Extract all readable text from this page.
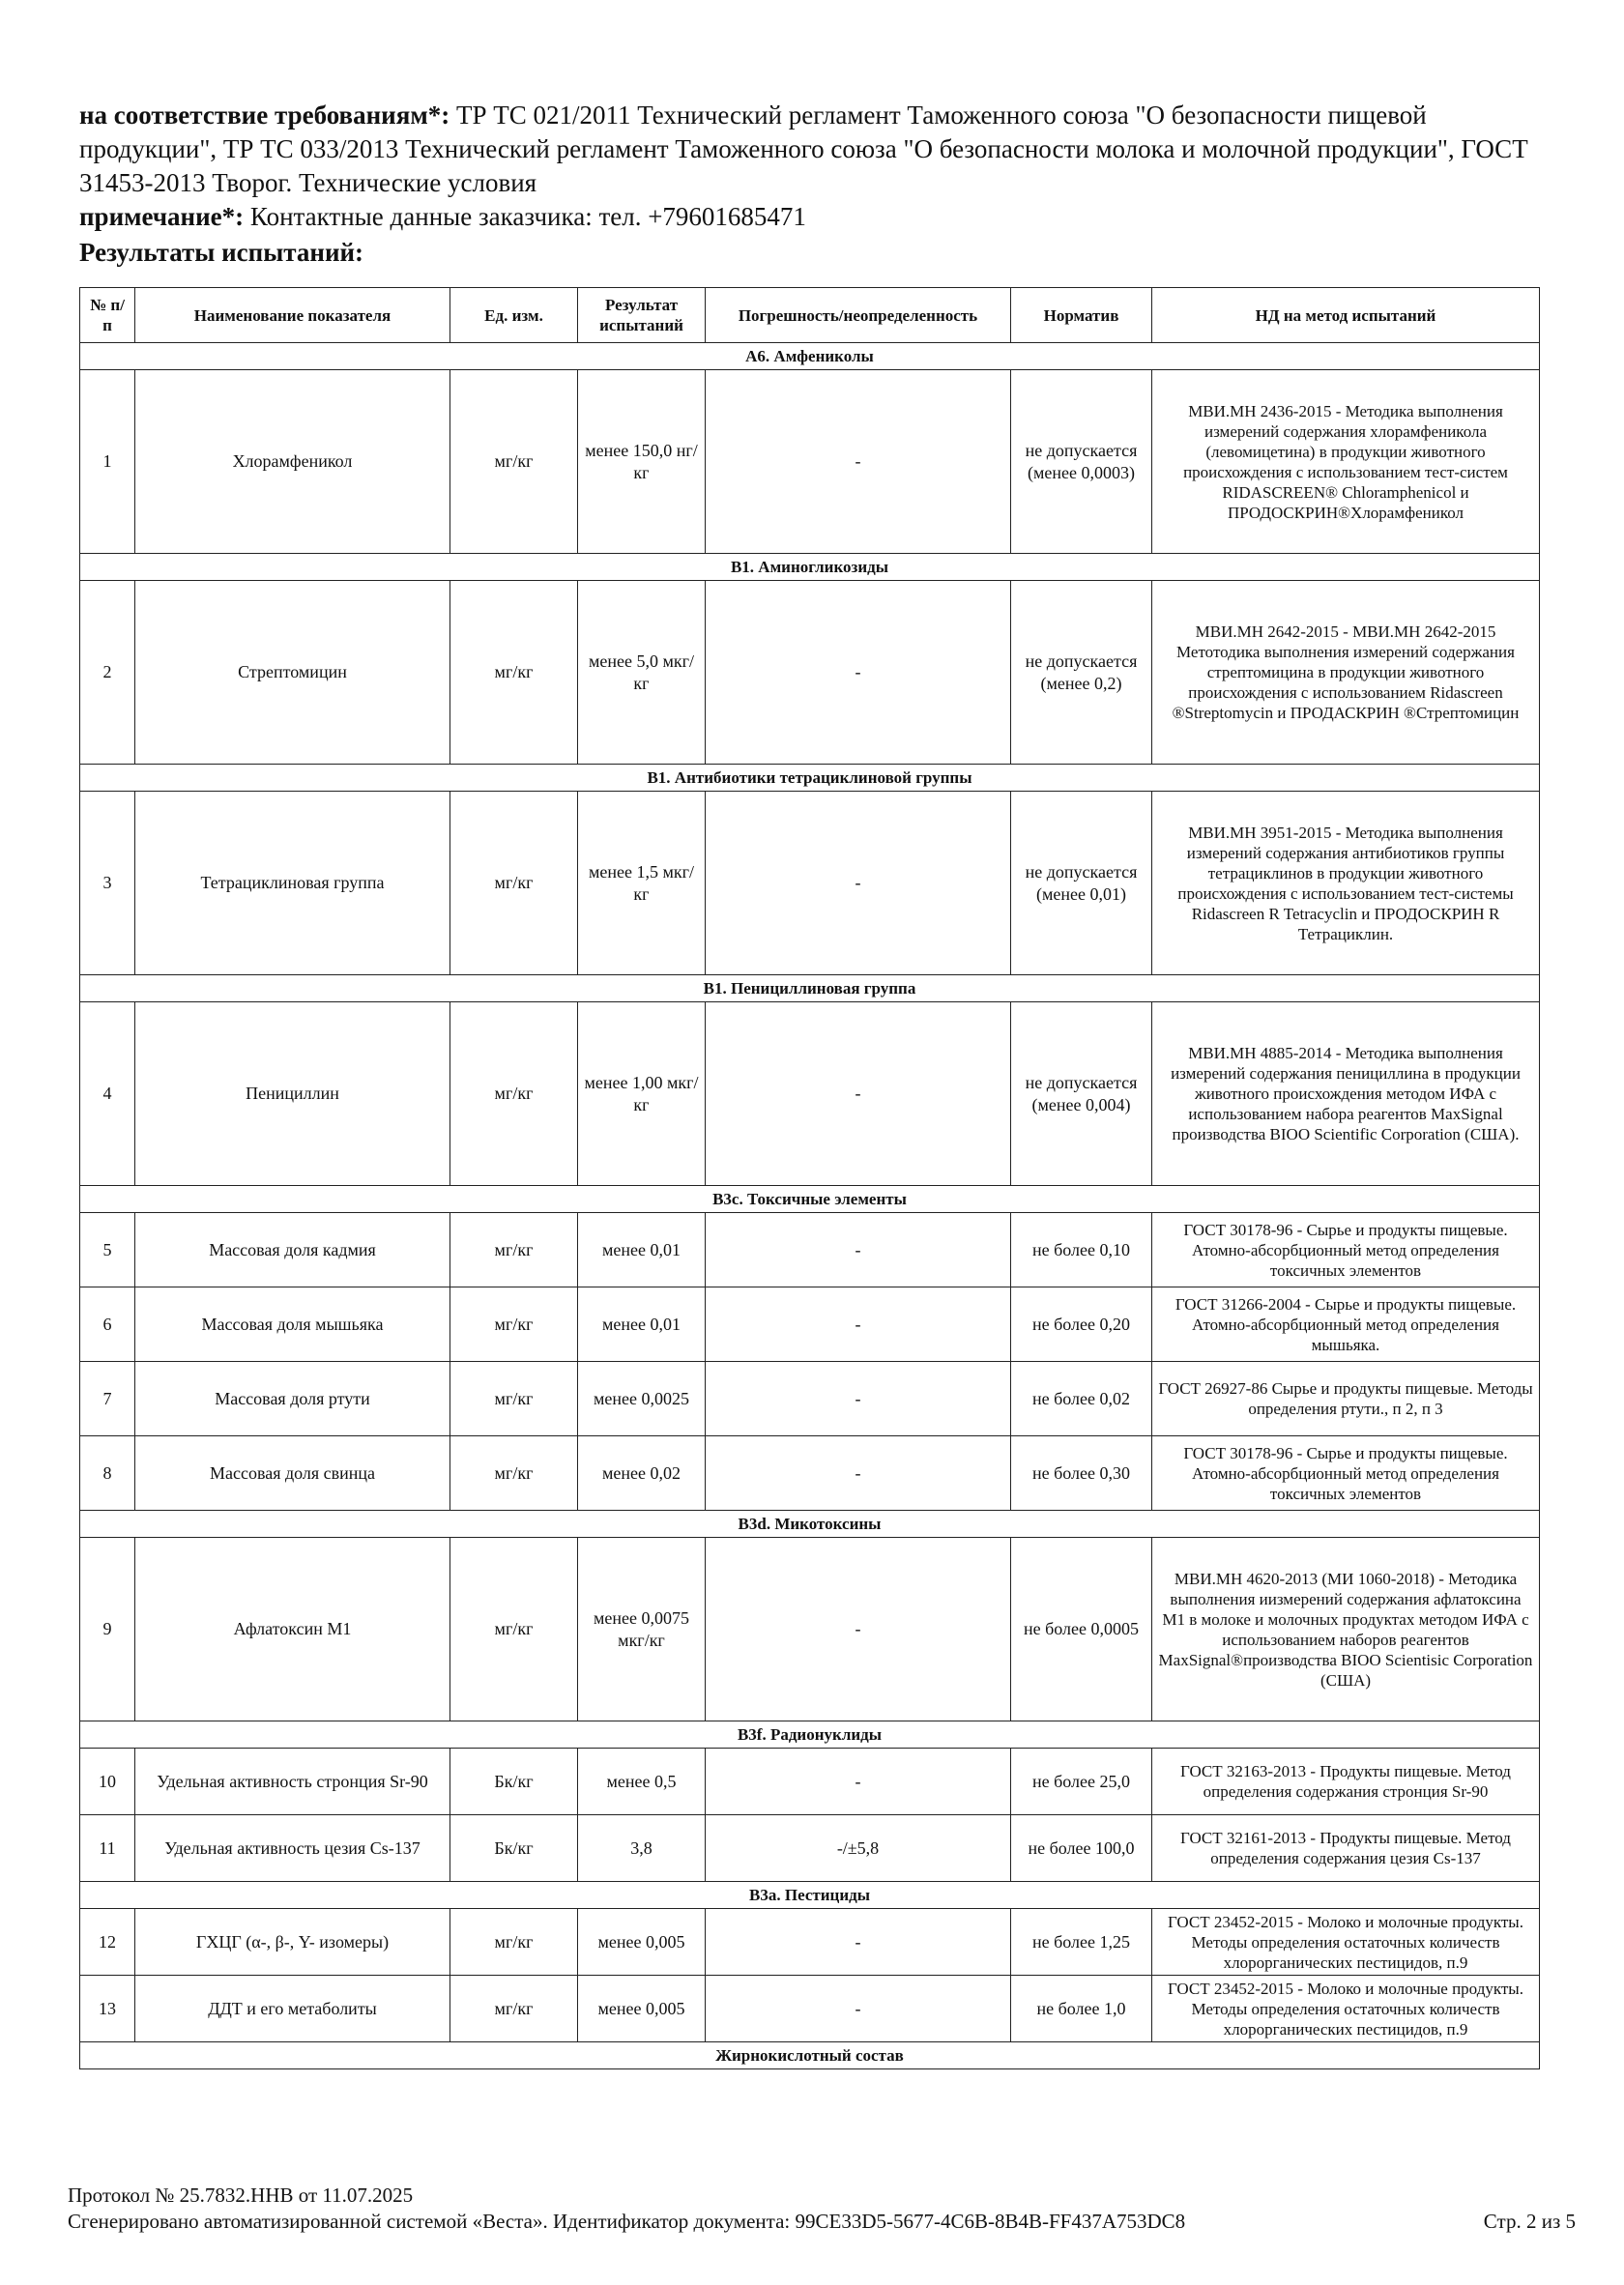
на соответствие требованиям*: ТР ТС 021/2011 Технический регламент Таможенного союза "О безопасности пищевой продукции", ТР ТС 033/2013 Технический регламент Таможенного союза "О безопасности молока и молочной продукции", ГОСТ 31453-2013 Творог. Технические условия

примечание*: Контактные данные заказчика: тел. +79601685471

Результаты испытаний:

№ п/п	Наименование показателя	Ед. изм.	Результат испытаний	Погрешность/неопределенность	Норматив	НД на метод испытаний
А6. Амфениколы						
1	Хлорамфеникол	мг/кг	менее 150,0 нг/кг	-	не допускается (менее 0,0003)	МВИ.МН 2436-2015 - Методика выполнения измерений содержания хлорамфеникола (левомицетина) в продукции животного происхождения с использованием тест-систем RIDASCREEN® Chloramphenicol и ПРОДОСКРИН®Хлорамфеникол
В1. Аминогликозиды						
2	Стрептомицин	мг/кг	менее 5,0 мкг/кг	-	не допускается (менее 0,2)	МВИ.МН 2642-2015 - МВИ.МН 2642-2015 Метотодика выполнения измерений содержания стрептомицина в продукции животного происхождения с использованием Ridascreen ®Streptomycin и ПРОДАСКРИН ®Стрептомицин
В1. Антибиотики тетрациклиновой группы						
3	Тетрациклиновая группа	мг/кг	менее 1,5 мкг/кг	-	не допускается (менее 0,01)	МВИ.МН 3951-2015 - Методика выполнения измерений содержания антибиотиков группы тетрациклинов в продукции животного происхождения с использованием тест-системы Ridascreen R Tetracyclin и ПРОДОСКРИН R Тетрациклин.
В1. Пенициллиновая группа						
4	Пенициллин	мг/кг	менее 1,00 мкг/кг	-	не допускается (менее 0,004)	МВИ.МН 4885-2014 - Методика выполнения измерений содержания пенициллина в продукции животного происхождения методом ИФА с использованием набора реагентов MaxSignal производства BIOO Scientific Corporation (США).
В3с. Токсичные элементы						
5	Массовая доля кадмия	мг/кг	менее 0,01	-	не более 0,10	ГОСТ 30178-96 - Сырье и продукты пищевые. Атомно-абсорбционный метод определения токсичных элементов
6	Массовая доля мышьяка	мг/кг	менее 0,01	-	не более 0,20	ГОСТ 31266-2004 - Сырье и продукты пищевые. Атомно-абсорбционный метод определения мышьяка.
7	Массовая доля ртути	мг/кг	менее 0,0025	-	не более 0,02	ГОСТ 26927-86 Сырье и продукты пищевые. Методы определения ртути., п 2, п 3
8	Массовая доля свинца	мг/кг	менее 0,02	-	не более 0,30	ГОСТ 30178-96 - Сырье и продукты пищевые. Атомно-абсорбционный метод определения токсичных элементов
В3d. Микотоксины						
9	Афлатоксин М1	мг/кг	менее 0,0075 мкг/кг	-	не более 0,0005	МВИ.МН 4620-2013 (МИ 1060-2018) - Методика выполнения иизмерений содержания афлатоксина М1 в молоке и молочных продуктах методом ИФА с использованием наборов реагентов MaxSignal®производства BIOO Scientisic Corporation (США)
В3f. Радионуклиды						
10	Удельная активность стронция Sr-90	Бк/кг	менее 0,5	-	не более 25,0	ГОСТ 32163-2013 - Продукты пищевые. Метод определения содержания стронция Sr-90
11	Удельная активность цезия Cs-137	Бк/кг	3,8	-/±5,8	не более 100,0	ГОСТ 32161-2013 - Продукты пищевые. Метод определения содержания цезия Cs-137
В3а. Пестициды						
12	ГХЦГ (α-, β-, Y- изомеры)	мг/кг	менее 0,005	-	не более 1,25	ГОСТ 23452-2015 - Молоко и молочные продукты. Методы определения остаточных количеств хлорорганических пестицидов, п.9
13	ДДТ и его метаболиты	мг/кг	менее 0,005	-	не более 1,0	ГОСТ 23452-2015 - Молоко и молочные продукты. Методы определения остаточных количеств хлорорганических пестицидов, п.9
Жирнокислотный состав						
Протокол № 25.7832.ННВ от 11.07.2025
Сгенерировано автоматизированной системой «Веста». Идентификатор документа: 99CE33D5-5677-4C6B-8B4B-FF437A753DC8	Стр. 2 из 5
